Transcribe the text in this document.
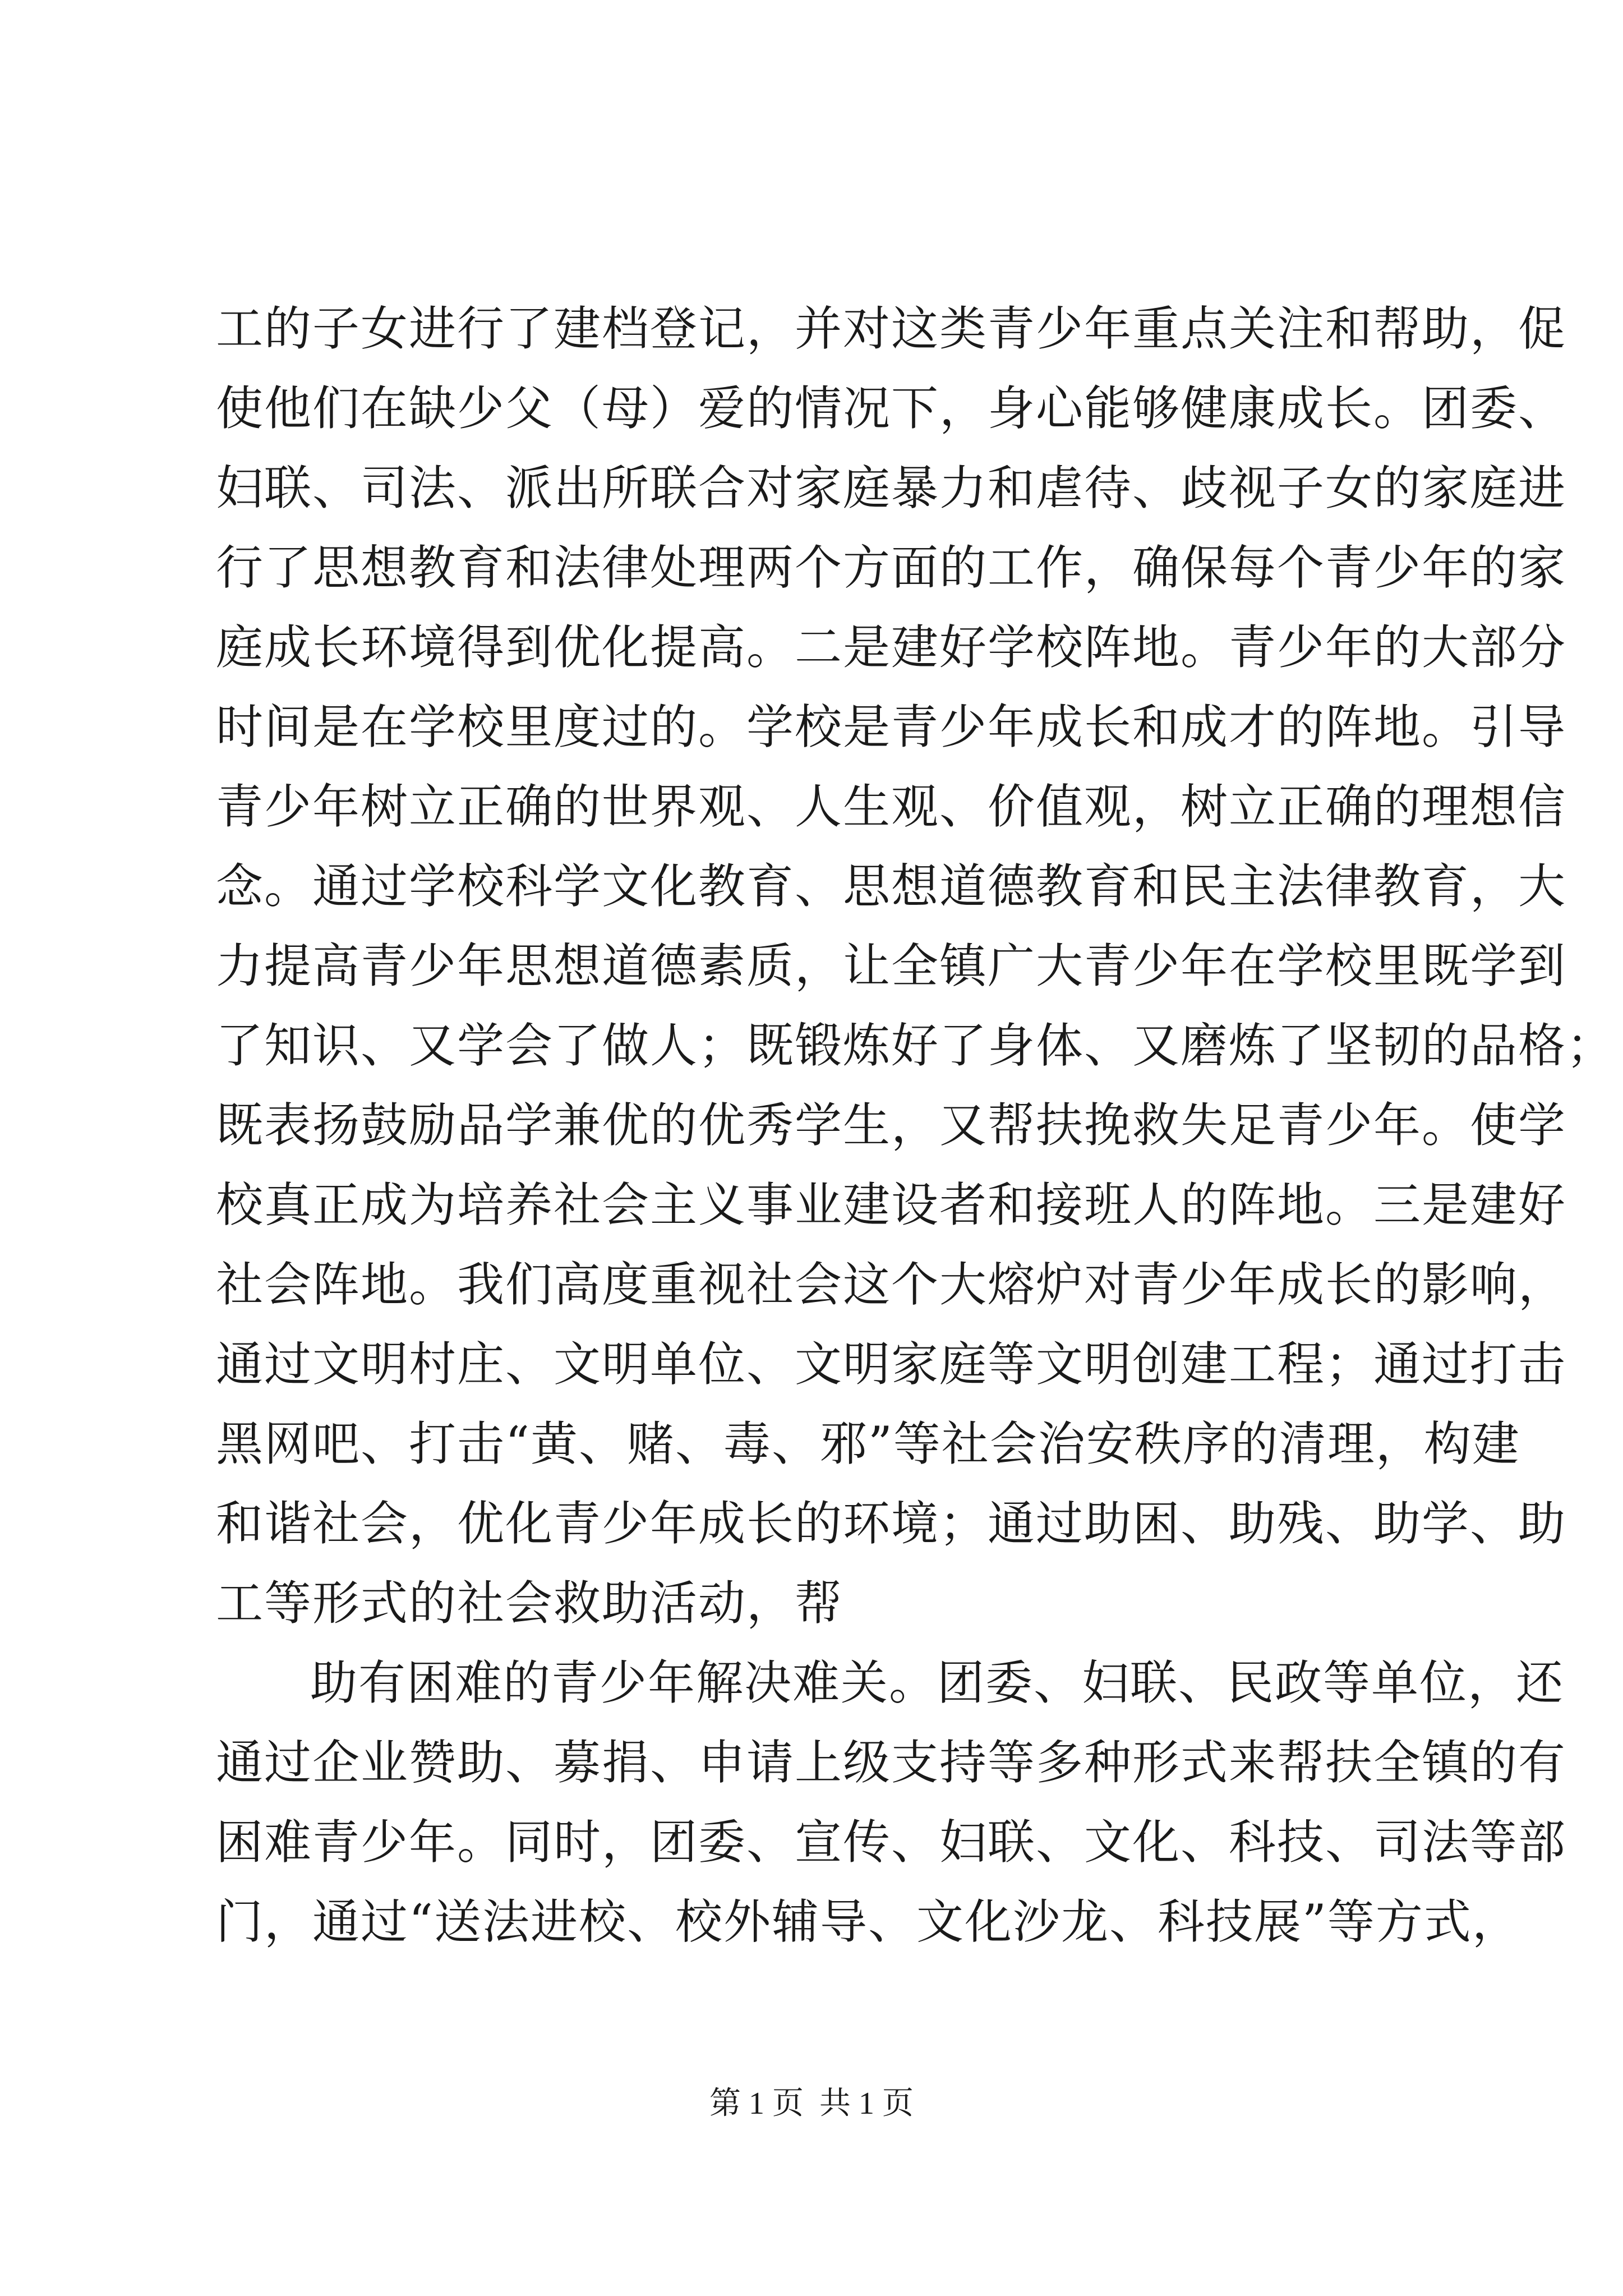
工的子女进行了建档登记，并对这类青少年重点关注和帮助，促
使他们在缺少父（母）爱的情况下，身心能够健康成长。团委、
妇联、司法、派出所联合对家庭暴力和虐待、歧视子女的家庭进
行了思想教育和法律处理两个方面的工作，确保每个青少年的家
庭成长环境得到优化提高。二是建好学校阵地。青少年的大部分
时间是在学校里度过的。学校是青少年成长和成才的阵地。引导
青少年树立正确的世界观、人生观、价值观，树立正确的理想信
念。通过学校科学文化教育、思想道德教育和民主法律教育，大
力提高青少年思想道德素质，让全镇广大青少年在学校里既学到
了知识、又学会了做人；既锻炼好了身体、又磨炼了坚韧的品格；
既表扬鼓励品学兼优的优秀学生，又帮扶挽救失足青少年。使学
校真正成为培养社会主义事业建设者和接班人的阵地。三是建好
社会阵地。我们高度重视社会这个大熔炉对青少年成长的影响，
通过文明村庄、文明单位、文明家庭等文明创建工程；通过打击
黑网吧、打击“黄、赌、毒、邪”等社会治安秩序的清理，构建
和谐社会，优化青少年成长的环境；通过助困、助残、助学、助
工等形式的社会救助活动，帮
助有困难的青少年解决难关。团委、妇联、民政等单位，还
通过企业赞助、募捐、申请上级支持等多种形式来帮扶全镇的有
困难青少年。同时，团委、宣传、妇联、文化、科技、司法等部
门，通过“送法进校、校外辅导、文化沙龙、科技展”等方式，
第 1 页  共 1 页
